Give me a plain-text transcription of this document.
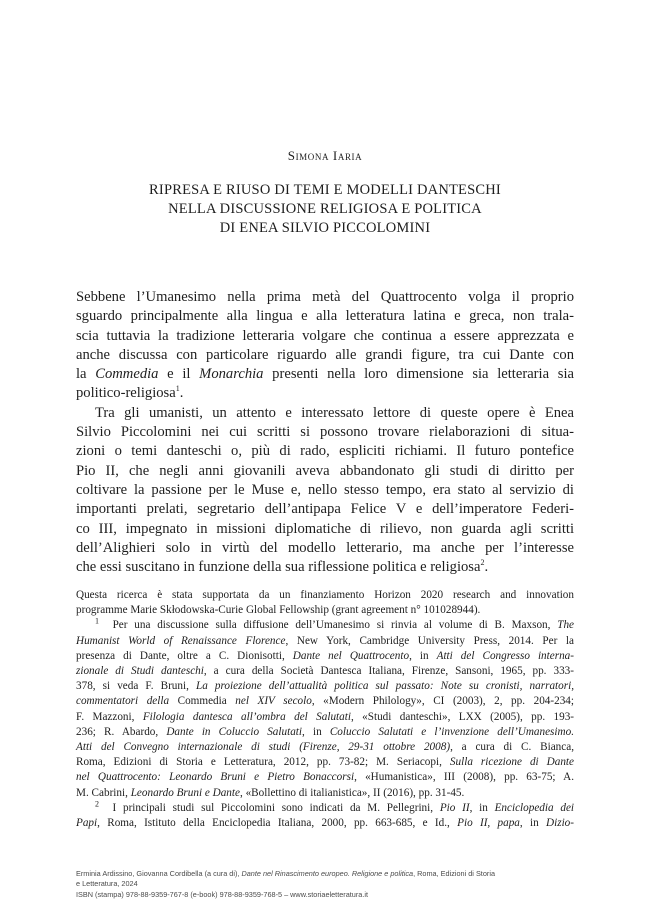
Simona Iaria
RIPRESA E RIUSO DI TEMI E MODELLI DANTESCHI
NELLA DISCUSSIONE RELIGIOSA E POLITICA
DI ENEA SILVIO PICCOLOMINI
Sebbene l’Umanesimo nella prima metà del Quattrocento volga il proprio
sguardo principalmente alla lingua e alla letteratura latina e greca, non trala-
scia tuttavia la tradizione letteraria volgare che continua a essere apprezzata e
anche discussa con particolare riguardo alle grandi figure, tra cui Dante con
la Commedia e il Monarchia presenti nella loro dimensione sia letteraria sia
politico-religiosa$^1$.
Tra gli umanisti, un attento e interessato lettore di queste opere è Enea
Silvio Piccolomini nei cui scritti si possono trovare rielaborazioni di situa-
zioni o temi danteschi o, più di rado, espliciti richiami. Il futuro pontefice
Pio II, che negli anni giovanili aveva abbandonato gli studi di diritto per
coltivare la passione per le Muse e, nello stesso tempo, era stato al servizio di
importanti prelati, segretario dell’antipapa Felice V e dell’imperatore Federi-
co III, impegnato in missioni diplomatiche di rilievo, non guarda agli scritti
dell’Alighieri solo in virtù del modello letterario, ma anche per l’interesse
che essi suscitano in funzione della sua riflessione politica e religiosa$^2$.
Questa ricerca è stata supportata da un finanziamento Horizon 2020 research and innovation
programme Marie Skłodowska-Curie Global Fellowship (grant agreement n° 101028944).
$^1$ Per una discussione sulla diffusione dell’Umanesimo si rinvia al volume di B. Maxson, The
Humanist World of Renaissance Florence, New York, Cambridge University Press, 2014. Per la
presenza di Dante, oltre a C. Dionisotti, Dante nel Quattrocento, in Atti del Congresso interna-
zionale di Studi danteschi, a cura della Società Dantesca Italiana, Firenze, Sansoni, 1965, pp. 333-
378, si veda F. Bruni, La proiezione dell’attualità politica sul passato: Note su cronisti, narratori,
commentatori della Commedia nel XIV secolo, «Modern Philology», CI (2003), 2, pp. 204-234;
F. Mazzoni, Filologia dantesca all’ombra del Salutati, «Studi danteschi», LXX (2005), pp. 193-
236; R. Abardo, Dante in Coluccio Salutati, in Coluccio Salutati e l’invenzione dell’Umanesimo.
Atti del Convegno internazionale di studi (Firenze, 29-31 ottobre 2008), a cura di C. Bianca,
Roma, Edizioni di Storia e Letteratura, 2012, pp. 73-82; M. Seriacopi, Sulla ricezione di Dante
nel Quattrocento: Leonardo Bruni e Pietro Bonaccorsi, «Humanistica», III (2008), pp. 63-75; A.
M. Cabrini, Leonardo Bruni e Dante, «Bollettino di italianistica», II (2016), pp. 31-45.
$^2$ I principali studi sul Piccolomini sono indicati da M. Pellegrini, Pio II, in Enciclopedia dei
Papi, Roma, Istituto della Enciclopedia Italiana, 2000, pp. 663-685, e Id., Pio II, papa, in Dizio-
Erminia Ardissino, Giovanna Cordibella (a cura di), Dante nel Rinascimento europeo. Religione e politica, Roma, Edizioni di Storia
e Letteratura, 2024
ISBN (stampa) 978-88-9359-767-8 (e-book) 978-88-9359-768-5 – www.storiaeletteratura.it
